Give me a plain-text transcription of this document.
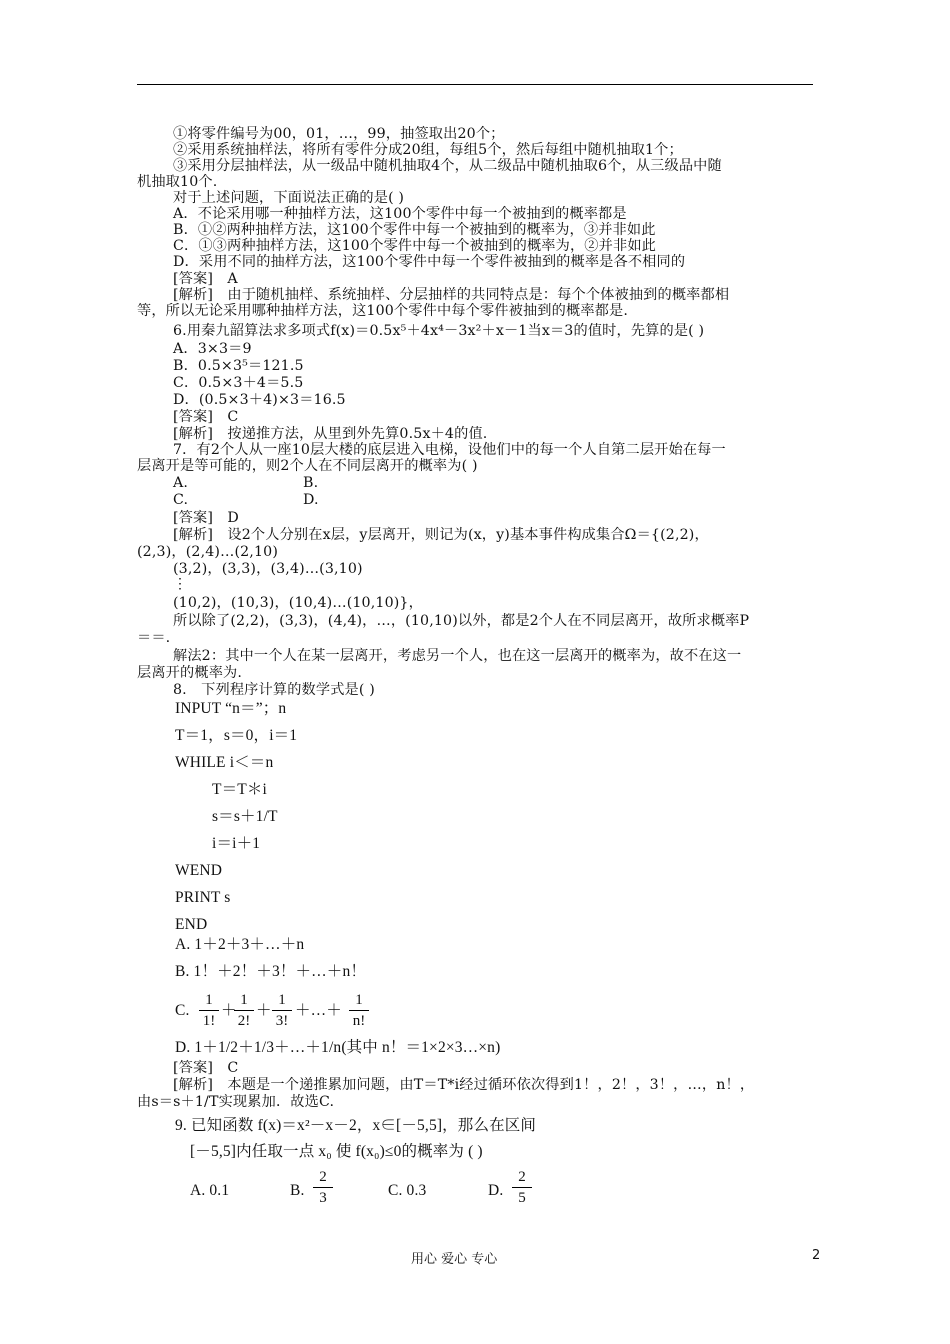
①将零件编号为00，01，…，99，抽签取出20个；
②采用系统抽样法，将所有零件分成20组，每组5个，然后每组中随机抽取1个；
③采用分层抽样法，从一级品中随机抽取4个，从二级品中随机抽取6个，从三级品中随
机抽取10个.
对于上述问题，下面说法正确的是( )
A．不论采用哪一种抽样方法，这100个零件中每一个被抽到的概率都是
B．①②两种抽样方法，这100个零件中每一个被抽到的概率为，③并非如此
C．①③两种抽样方法，这100个零件中每一个被抽到的概率为，②并非如此
D．采用不同的抽样方法，这100个零件中每一个零件被抽到的概率是各不相同的
[答案]　A
[解析]　由于随机抽样、系统抽样、分层抽样的共同特点是：每个个体被抽到的概率都相
等，所以无论采用哪种抽样方法，这100个零件中每个零件被抽到的概率都是.
6.用秦九韶算法求多项式f(x)＝0.5x⁵＋4x⁴－3x²＋x－1当x＝3的值时，先算的是( )
A．3×3＝9
B．0.5×3⁵＝121.5
C．0.5×3＋4＝5.5
D．(0.5×3＋4)×3＝16.5
[答案]　C
[解析]　按递推方法，从里到外先算0.5x＋4的值.
7．有2个人从一座10层大楼的底层进入电梯，设他们中的每一个人自第二层开始在每一
层离开是等可能的，则2个人在不同层离开的概率为( )
A.	B.
C.	D.
[答案]　D
[解析]　设2个人分别在x层，y层离开，则记为(x，y)基本事件构成集合Ω＝{(2,2)，
(2,3)，(2,4)…(2,10)
(3,2)，(3,3)，(3,4)…(3,10)
⋮
(10,2)，(10,3)，(10,4)…(10,10)}，
所以除了(2,2)，(3,3)，(4,4)，…，(10,10)以外，都是2个人在不同层离开，故所求概率P
＝＝.
解法2：其中一个人在某一层离开，考虑另一个人，也在这一层离开的概率为，故不在这一
层离开的概率为.
8.　下列程序计算的数学式是( )
INPUT “n＝”；n
T＝1，s＝0，i＝1
WHILE i＜＝n
T＝T＊i
s＝s＋1/T
i＝i＋1
WEND
PRINT s
END
A. 1＋2＋3＋…＋n
B. 1！＋2！＋3！＋…＋n！
C.
1
1!
＋
1
2!
＋
1
3!
＋…＋
1
n!
D. 1＋1/2＋1/3＋…＋1/n(其中 n！＝1×2×3…×n)
[答案]　C
[解析]　本题是一个递推累加问题，由T＝T*i经过循环依次得到1！，2！，3！，…，n！，
由s＝s＋1/T实现累加．故选C.
9. 已知函数 f(x)＝x²－x－2，x∈[－5,5]，那么在区间
[－5,5]内任取一点 x₀ 使 f(x₀)≤0的概率为 ( )
A. 0.1	B.
2
3	C. 0.3	D.
2
5
用心 爱心 专心	2
